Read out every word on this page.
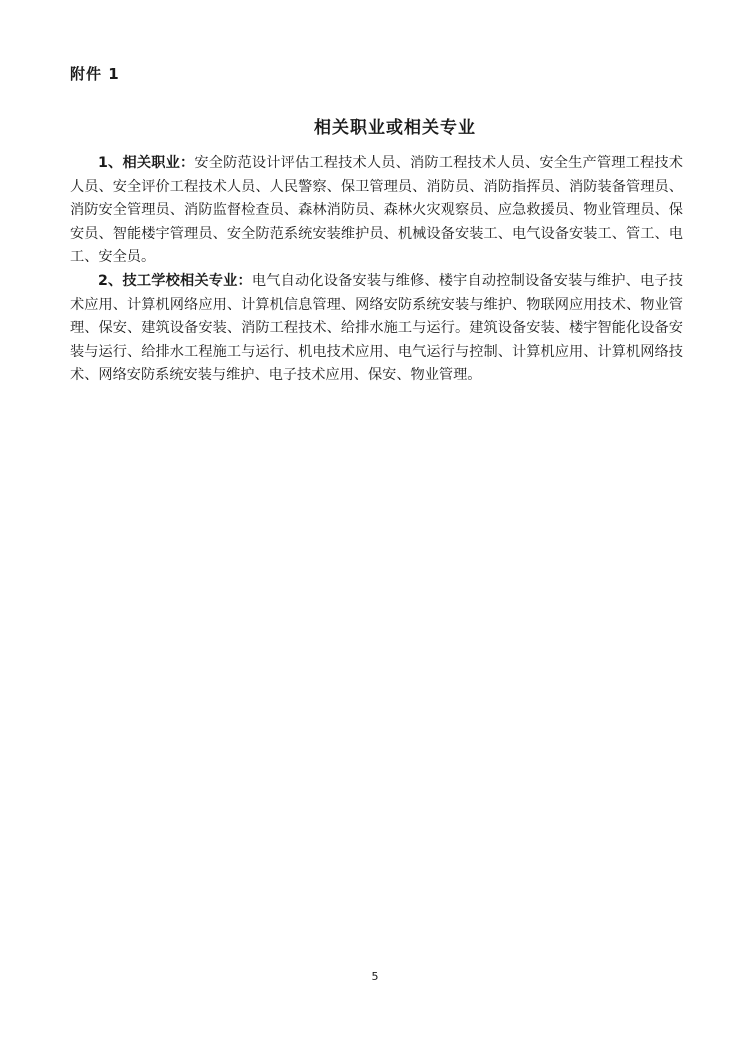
附件 1
相关职业或相关专业

1、相关职业：安全防范设计评估工程技术人员、消防工程技术人员、安全生产管理工程技术人员、安全评价工程技术人员、人民警察、保卫管理员、消防员、消防指挥员、消防装备管理员、消防安全管理员、消防监督检查员、森林消防员、森林火灾观察员、应急救援员、物业管理员、保安员、智能楼宇管理员、安全防范系统安装维护员、机械设备安装工、电气设备安装工、管工、电工、安全员。

2、技工学校相关专业：电气自动化设备安装与维修、楼宇自动控制设备安装与维护、电子技术应用、计算机网络应用、计算机信息管理、网络安防系统安装与维护、物联网应用技术、物业管理、保安、建筑设备安装、消防工程技术、给排水施工与运行。建筑设备安装、楼宇智能化设备安装与运行、给排水工程施工与运行、机电技术应用、电气运行与控制、计算机应用、计算机网络技术、网络安防系统安装与维护、电子技术应用、保安、物业管理。

5
